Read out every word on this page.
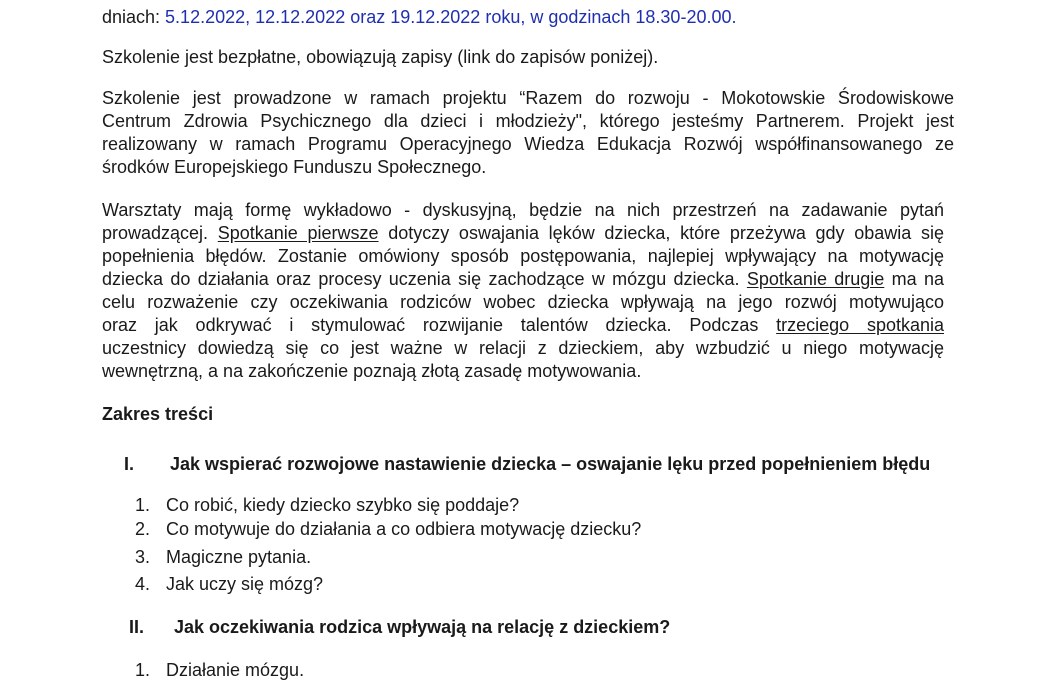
dniach: 5.12.2022, 12.12.2022 oraz 19.12.2022 roku, w godzinach 18.30-20.00.
Szkolenie jest bezpłatne, obowiązują zapisy (link do zapisów poniżej).
Szkolenie jest prowadzone w ramach projektu “Razem do rozwoju - Mokotowskie Środowiskowe
Centrum Zdrowia Psychicznego dla dzieci i młodzieży", którego jesteśmy Partnerem. Projekt jest
realizowany w ramach Programu Operacyjnego Wiedza Edukacja Rozwój współfinansowanego ze
środków Europejskiego Funduszu Społecznego.
Warsztaty mają formę wykładowo - dyskusyjną, będzie na nich przestrzeń na zadawanie pytań
prowadzącej. Spotkanie pierwsze dotyczy oswajania lęków dziecka, które przeżywa gdy obawia się
popełnienia błędów. Zostanie omówiony sposób postępowania, najlepiej wpływający na motywację
dziecka do działania oraz procesy uczenia się zachodzące w mózgu dziecka. Spotkanie drugie ma na
celu rozważenie czy oczekiwania rodziców wobec dziecka wpływają na jego rozwój motywująco
oraz jak odkrywać i stymulować rozwijanie talentów dziecka. Podczas trzeciego spotkania
uczestnicy dowiedzą się co jest ważne w relacji z dzieckiem, aby wzbudzić u niego motywację
wewnętrzną, a na zakończenie poznają złotą zasadę motywowania.
Zakres treści
I. Jak wspierać rozwojowe nastawienie dziecka – oswajanie lęku przed popełnieniem błędu
1. Co robić, kiedy dziecko szybko się poddaje?
2. Co motywuje do działania a co odbiera motywację dziecku?
3. Magiczne pytania.
4. Jak uczy się mózg?
II. Jak oczekiwania rodzica wpływają na relację z dzieckiem?
1. Działanie mózgu.
